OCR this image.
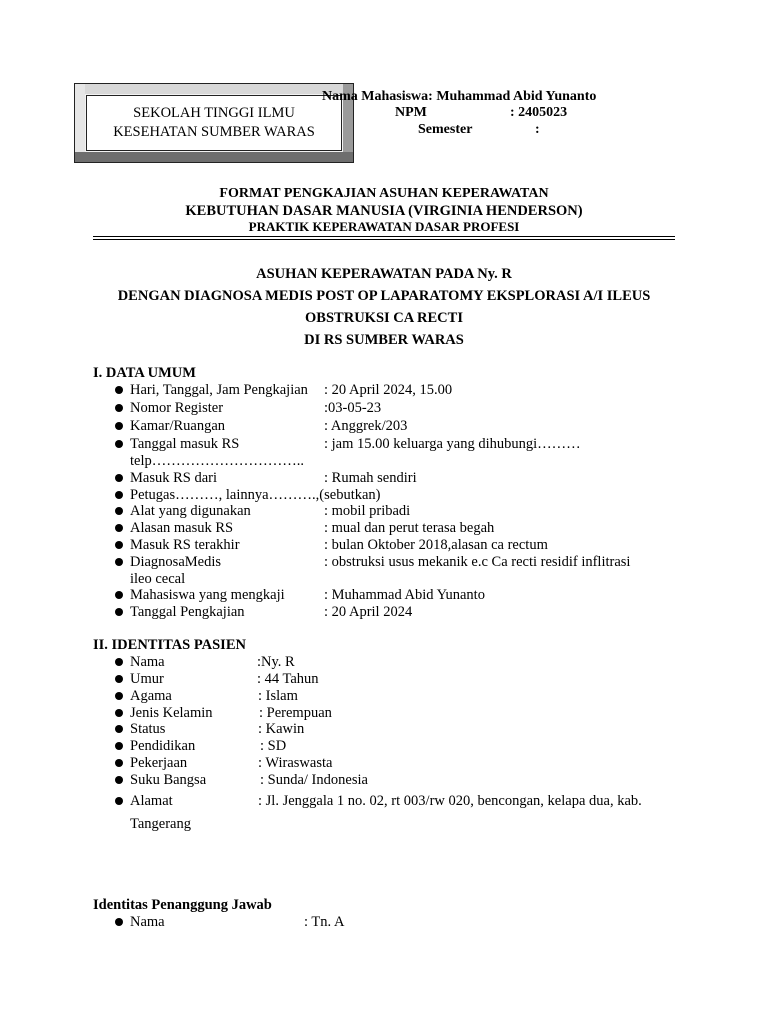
SEKOLAH TINGGI ILMU
KESEHATAN SUMBER WARAS
Nama Mahasiswa: Muhammad Abid Yunanto
NPM	: 2405023
Semester	:
FORMAT PENGKAJIAN ASUHAN KEPERAWATAN
KEBUTUHAN DASAR MANUSIA (VIRGINIA HENDERSON)
PRAKTIK KEPERAWATAN DASAR PROFESI
ASUHAN KEPERAWATAN PADA Ny. R
DENGAN DIAGNOSA MEDIS POST OP LAPARATOMY EKSPLORASI A/I ILEUS
OBSTRUKSI CA RECTI
DI RS SUMBER WARAS
I. DATA UMUM
Hari, Tanggal, Jam Pengkajian : 20 April 2024, 15.00
Nomor Register	:03-05-23
Kamar/Ruangan	: Anggrek/203
Tanggal masuk RS	: jam 15.00 keluarga yang dihubungi………
telp…………………………..
Masuk RS dari	: Rumah sendiri
Petugas………, lainnya……….,(sebutkan)
Alat yang digunakan	: mobil pribadi
Alasan masuk RS	: mual dan perut terasa begah
Masuk RS terakhir	: bulan Oktober 2018,alasan ca rectum
DiagnosaMedis	: obstruksi usus mekanik e.c Ca recti residif inflitrasi
ileo cecal
Mahasiswa yang mengkaji	: Muhammad Abid Yunanto
Tanggal Pengkajian	: 20 April 2024
II. IDENTITAS PASIEN
Nama	:Ny. R
Umur	: 44 Tahun
Agama	: Islam
Jenis Kelamin	: Perempuan
Status	: Kawin
Pendidikan	: SD
Pekerjaan	: Wiraswasta
Suku Bangsa	: Sunda/ Indonesia
Alamat	: Jl. Jenggala 1 no. 02, rt 003/rw 020, bencongan, kelapa dua, kab.
Tangerang
Identitas Penanggung Jawab
Nama	: Tn. A
